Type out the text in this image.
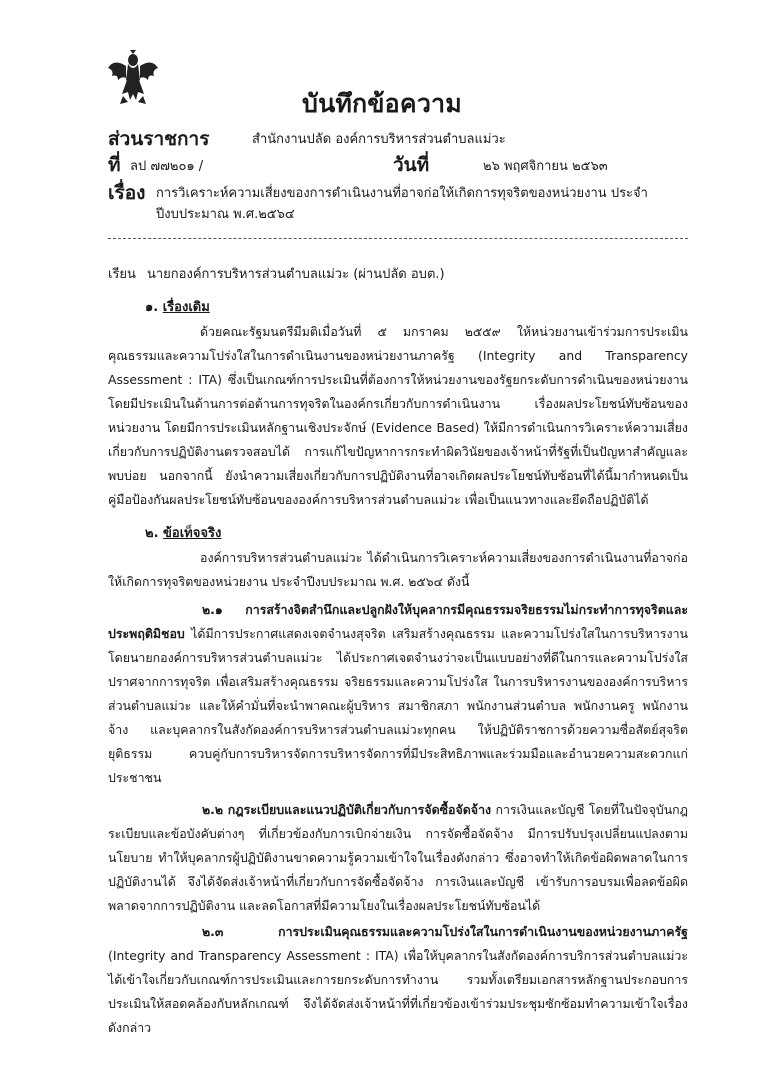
บันทึกข้อความ
ส่วนราชการ	สำนักงานปลัด องค์การบริหารส่วนตำบลแม่วะ
ที่ ลป ๗๗๒๐๑ /	วันที่	๒๖ พฤศจิกายน ๒๕๖๓
เรื่อง การวิเคราะห์ความเสี่ยงของการดำเนินงานที่อาจก่อให้เกิดการทุจริตของหน่วยงาน ประจำปีงบประมาณ พ.ศ.๒๕๖๔
เรียน นายกองค์การบริหารส่วนตำบลแม่วะ (ผ่านปลัด อบต.)
๑. เรื่องเดิม
ด้วยคณะรัฐมนตรีมีมติเมื่อวันที่ ๕ มกราคม ๒๕๕๙ ให้หน่วยงานเข้าร่วมการประเมินคุณธรรมและความโปร่งใสในการดำเนินงานของหน่วยงานภาครัฐ (Integrity and Transparency Assessment : ITA) ซึ่งเป็นเกณฑ์การประเมินที่ต้องการให้หน่วยงานของรัฐยกระดับการดำเนินของหน่วยงานโดยมีประเมินในด้านการต่อต้านการทุจริตในองค์กรเกี่ยวกับการดำเนินงาน เรื่องผลประโยชน์ทับซ้อนของหน่วยงาน โดยมีการประเมินหลักฐานเชิงประจักษ์ (Evidence Based) ให้มีการดำเนินการวิเคราะห์ความเสี่ยงเกี่ยวกับการปฏิบัติงานตรวจสอบได้ การแก้ไขปัญหาการกระทำผิดวินัยของเจ้าหน้าที่รัฐที่เป็นปัญหาสำคัญและพบบ่อย นอกจากนี้ ยังนำความเสี่ยงเกี่ยวกับการปฏิบัติงานที่อาจเกิดผลประโยชน์ทับซ้อนที่ได้นี้มากำหนดเป็นคู่มือป้องกันผลประโยชน์ทับซ้อนขององค์การบริหารส่วนตำบลแม่วะ เพื่อเป็นแนวทางและยึดถือปฏิบัติได้
๒. ข้อเท็จจริง
องค์การบริหารส่วนตำบลแม่วะ ได้ดำเนินการวิเคราะห์ความเสี่ยงของการดำเนินงานที่อาจก่อให้เกิดการทุจริตของหน่วยงาน ประจำปีงบประมาณ พ.ศ. ๒๕๖๔ ดังนี้
๒.๑ การสร้างจิตสำนึกและปลูกฝังให้บุคลากรมีคุณธรรมจริยธรรมไม่กระทำการทุจริตและประพฤติมิชอบ ได้มีการประกาศแสดงเจตจำนงสุจริต เสริมสร้างคุณธรรม และความโปร่งใสในการบริหารงาน โดยนายกองค์การบริหารส่วนตำบลแม่วะ ได้ประกาศเจตจำนงว่าจะเป็นแบบอย่างที่ดีในการและความโปร่งใสปราศจากการทุจริต เพื่อเสริมสร้างคุณธรรม จริยธรรมและความโปร่งใส ในการบริหารงานขององค์การบริหารส่วนตำบลแม่วะ และให้คำมั่นที่จะนำพาคณะผู้บริหาร สมาชิกสภา พนักงานส่วนตำบล พนักงานครู พนักงานจ้าง และบุคลากรในสังกัดองค์การบริหารส่วนตำบลแม่วะทุกคน ให้ปฏิบัติราชการด้วยความซื่อสัตย์สุจริต ยุติธรรม ควบคู่กับการบริหารจัดการบริหารจัดการที่มีประสิทธิภาพและร่วมมือและอำนวยความสะดวกแก่ประชาชน
๒.๒ กฎระเบียบและแนวปฏิบัติเกี่ยวกับการจัดซื้อจัดจ้าง การเงินและบัญชี โดยที่ในปัจจุบันกฎระเบียบและข้อบังคับต่างๆ ที่เกี่ยวข้องกับการเบิกจ่ายเงิน การจัดซื้อจัดจ้าง มีการปรับปรุงเปลี่ยนแปลงตามนโยบาย ทำให้บุคลากรผู้ปฏิบัติงานขาดความรู้ความเข้าใจในเรื่องดังกล่าว ซึ่งอาจทำให้เกิดข้อผิดพลาดในการปฏิบัติงานได้ จึงได้จัดส่งเจ้าหน้าที่เกี่ยวกับการจัดซื้อจัดจ้าง การเงินและบัญชี เข้ารับการอบรมเพื่อลดข้อผิดพลาดจากการปฏิบัติงาน และลดโอกาสที่มีความโยงในเรื่องผลประโยชน์ทับซ้อนได้
๒.๓ การประเมินคุณธรรมและความโปร่งใสในการดำเนินงานของหน่วยงานภาครัฐ (Integrity and Transparency Assessment : ITA) เพื่อให้บุคลากรในสังกัดองค์การบริการส่วนตำบลแม่วะได้เข้าใจเกี่ยวกับเกณฑ์การประเมินและการยกระดับการทำงาน รวมทั้งเตรียมเอกสารหลักฐานประกอบการประเมินให้สอดคล้องกับหลักเกณฑ์ จึงได้จัดส่งเจ้าหน้าที่ที่เกี่ยวข้องเข้าร่วมประชุมซักซ้อมทำความเข้าใจเรื่องดังกล่าว
